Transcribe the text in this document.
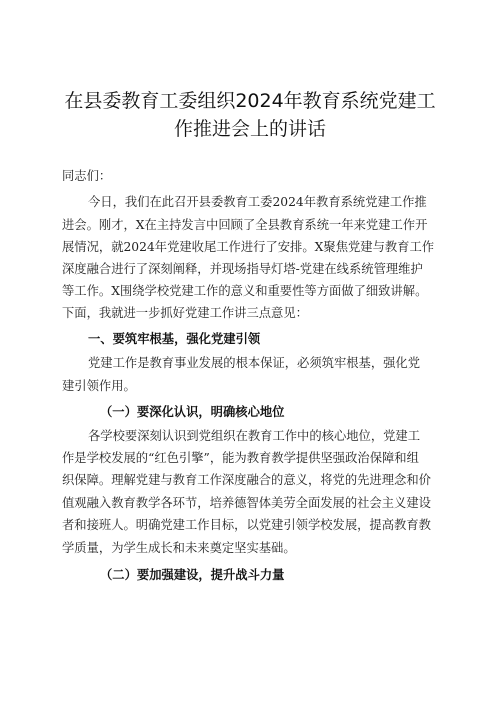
在县委教育工委组织2024年教育系统党建工
作推进会上的讲话
同志们：
今日，我们在此召开县委教育工委2024年教育系统党建工作推
进会。刚才，X在主持发言中回顾了全县教育系统一年来党建工作开
展情况，就2024年党建收尾工作进行了安排。X聚焦党建与教育工作
深度融合进行了深刻阐释，并现场指导灯塔-党建在线系统管理维护
等工作。X围绕学校党建工作的意义和重要性等方面做了细致讲解。
下面，我就进一步抓好党建工作讲三点意见：
一、要筑牢根基，强化党建引领
党建工作是教育事业发展的根本保证，必须筑牢根基，强化党
建引领作用。
（一）要深化认识，明确核心地位
各学校要深刻认识到党组织在教育工作中的核心地位，党建工
作是学校发展的“红色引擎”，能为教育教学提供坚强政治保障和组
织保障。理解党建与教育工作深度融合的意义，将党的先进理念和价
值观融入教育教学各环节，培养德智体美劳全面发展的社会主义建设
者和接班人。明确党建工作目标，以党建引领学校发展，提高教育教
学质量，为学生成长和未来奠定坚实基础。
（二）要加强建设，提升战斗力量
